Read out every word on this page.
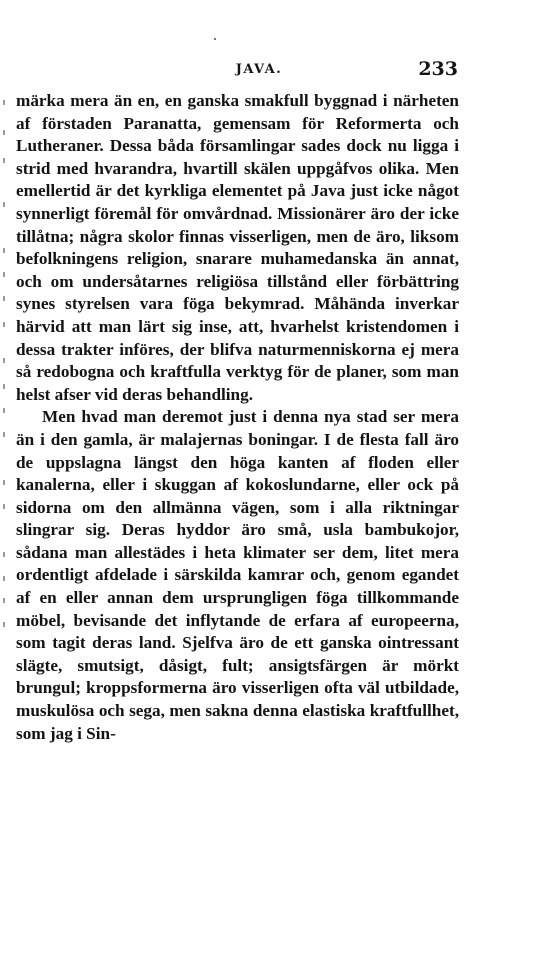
JAVA.	233

märka mera än en, en ganska smakfull byggnad i närheten af förstaden Paranatta, gemensam för Reformerta och Lutheraner. Dessa båda församlingar sades dock nu ligga i strid med hvarandra, hvartill skälen uppgåfvos olika. Men emellertid är det kyrkliga elementet på Java just icke något synnerligt föremål för omvårdnad. Missionärer äro der icke tillåtna; några skolor finnas visserligen, men de äro, liksom befolkningens religion, snarare muhamedanska än annat, och om undersåtarnes religiösa tillstånd eller förbättring synes styrelsen vara föga bekymrad. Måhända inverkar härvid att man lärt sig inse, att, hvarhelst kristendomen i dessa trakter införes, der blifva naturmenniskorna ej mera så redobogna och kraftfulla verktyg för de planer, som man helst afser vid deras behandling.

Men hvad man deremot just i denna nya stad ser mera än i den gamla, är malajernas boningar. I de flesta fall äro de uppslagna längst den höga kanten af floden eller kanalerna, eller i skuggan af kokoslundarne, eller ock på sidorna om den allmänna vägen, som i alla riktningar slingrar sig. Deras hyddor äro små, usla bambukojor, sådana man allestädes i heta klimater ser dem, litet mera ordentligt afdelade i särskilda kamrar och, genom egandet af en eller annan dem ursprungligen föga tillkommande möbel, bevisande det inflytande de erfara af europeerna, som tagit deras land. Sjelfva äro de ett ganska ointressant slägte, smutsigt, dåsigt, fult; ansigtsfärgen är mörkt brungul; kroppsformerna äro visserligen ofta väl utbildade, muskulösa och sega, men sakna denna elastiska kraftfullhet, som jag i Sin-
